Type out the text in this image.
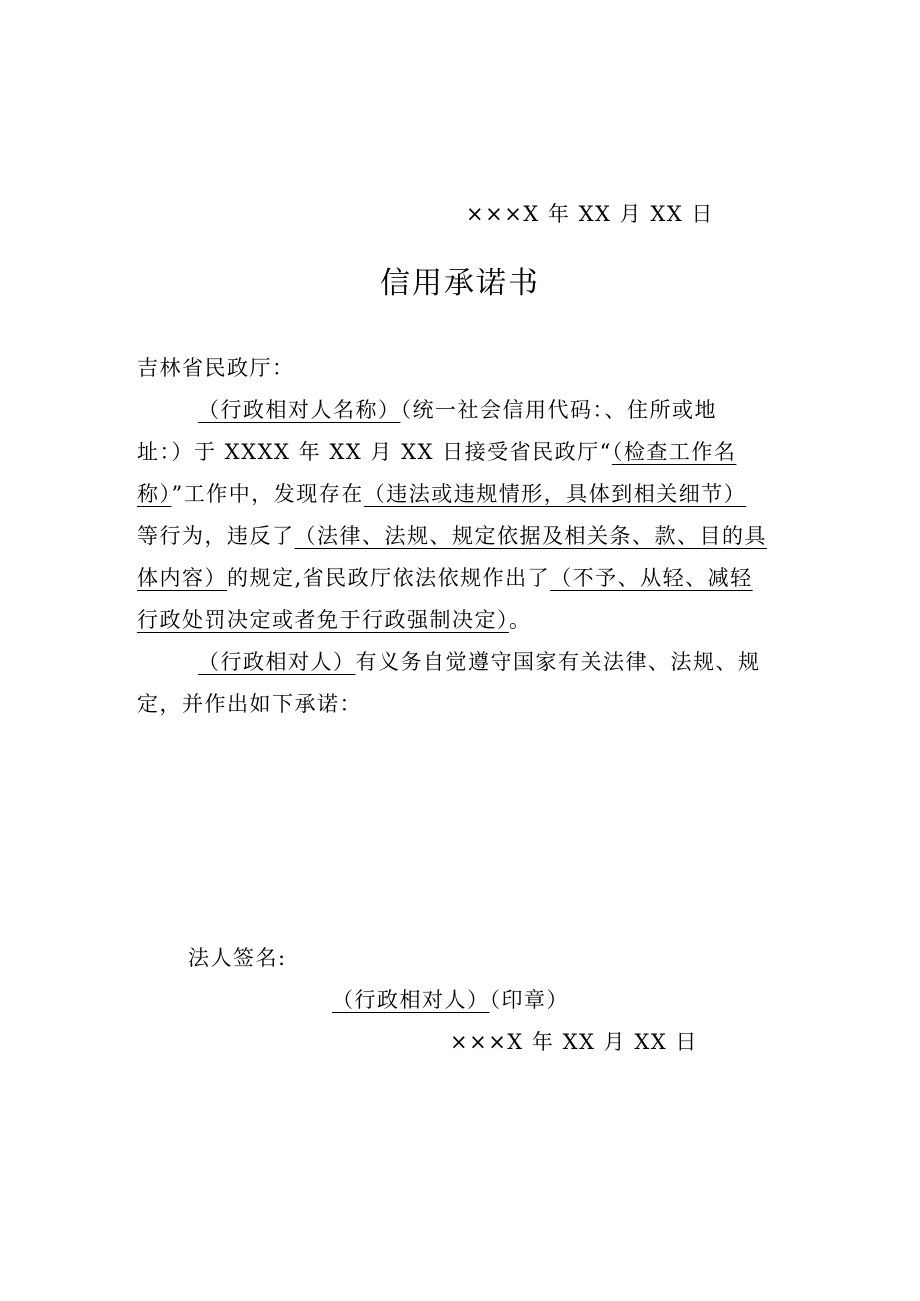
×××X 年 XX 月 XX 日
信用承诺书
吉林省民政厅：
（行政相对人名称）（统一社会信用代码：、住所或地
址：）于 XXXX 年 XX 月 XX 日接受省民政厅“（检查工作名
称）”工作中，发现存在（违法或违规情形，具体到相关细节）
等行为，违反了（法律、法规、规定依据及相关条、款、目的具
体内容）的规定,省民政厅依法依规作出了（不予、从轻、减轻
行政处罚决定或者免于行政强制决定）。
（行政相对人）有义务自觉遵守国家有关法律、法规、规
定，并作出如下承诺：
法人签名:
（行政相对人）（印章）
×××X 年 XX 月 XX 日
